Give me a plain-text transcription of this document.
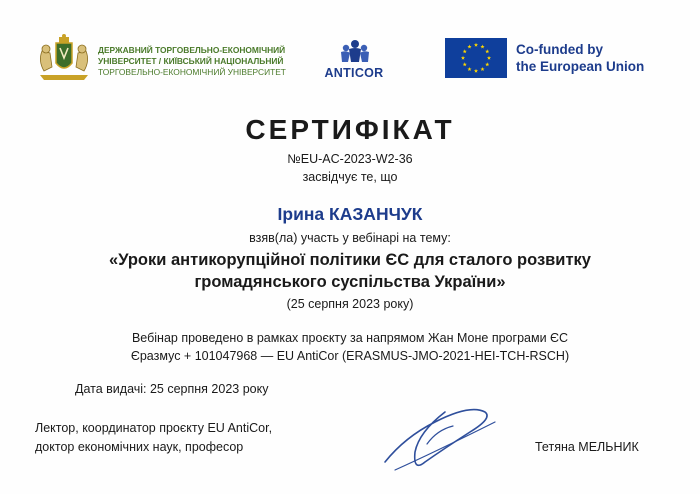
ДЕРЖАВНИЙ ТОРГОВЕЛЬНО-ЕКОНОМІЧНИЙ
УНІВЕРСИТЕТ / КИЇВСЬКИЙ НАЦІОНАЛЬНИЙ
ТОРГОВЕЛЬНО-ЕКОНОМІЧНИЙ УНІВЕРСИТЕТ	ANTICOR
Co-funded by
the European Union
СЕРТИФІКАТ
№EU-AC-2023-W2-36
засвідчує те, що
Ірина КАЗАНЧУК
взяв(ла) участь у вебінарі на тему:
«Уроки антикорупційної політики ЄС для сталого розвитку
громадянського суспільства України»
(25 серпня 2023 року)
Вебінар проведено в рамках проєкту за напрямом Жан Моне програми ЄС
Єразмус + 101047968 — EU AntiCor (ERASMUS-JMO-2021-HEI-TCH-RSCH)
Дата видачі: 25 серпня 2023 року
Лектор, координатор проєкту EU AntiCor,
доктор економічних наук, професор	Тетяна МЕЛЬНИК
